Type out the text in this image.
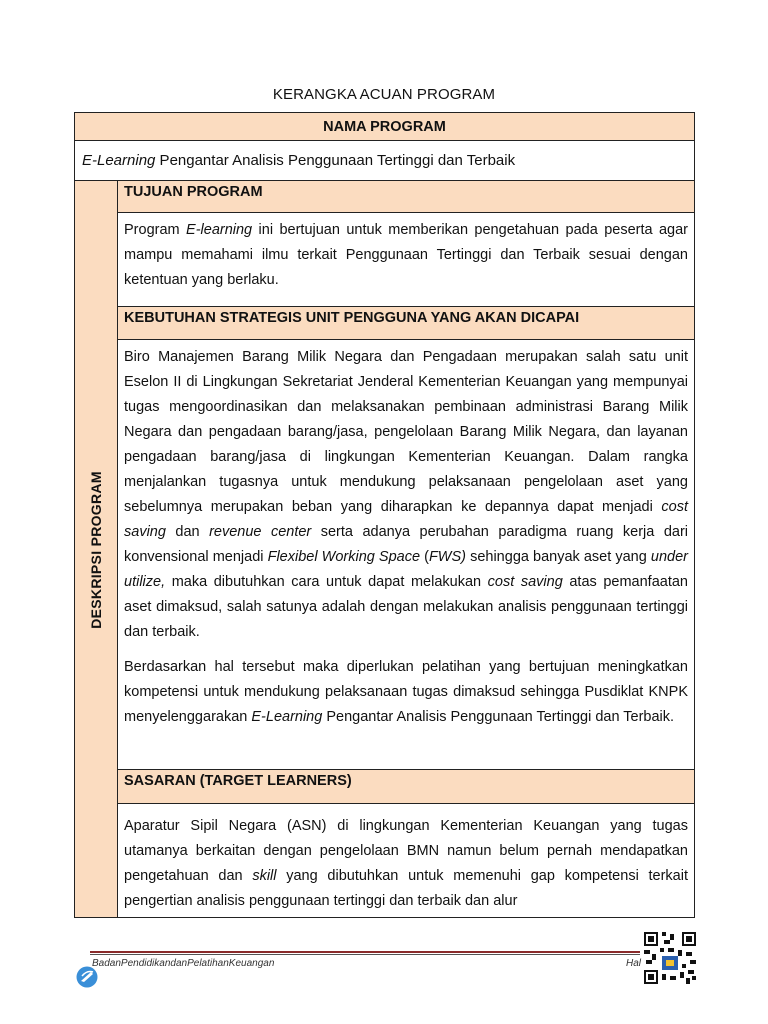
KERANGKA ACUAN PROGRAM
NAMA PROGRAM
E-Learning Pengantar Analisis Penggunaan Tertinggi dan Terbaik
DESKRIPSI PROGRAM
TUJUAN PROGRAM

Program E-learning ini bertujuan untuk memberikan pengetahuan pada peserta agar mampu memahami ilmu terkait Penggunaan Tertinggi dan Terbaik sesuai dengan ketentuan yang berlaku.

KEBUTUHAN STRATEGIS UNIT PENGGUNA YANG AKAN DICAPAI

Biro Manajemen Barang Milik Negara dan Pengadaan merupakan salah satu unit Eselon II di Lingkungan Sekretariat Jenderal Kementerian Keuangan yang mempunyai tugas mengoordinasikan dan melaksanakan pembinaan administrasi Barang Milik Negara dan pengadaan barang/jasa, pengelolaan Barang Milik Negara, dan layanan pengadaan barang/jasa di lingkungan Kementerian Keuangan. Dalam rangka menjalankan tugasnya untuk mendukung pelaksanaan pengelolaan aset yang sebelumnya merupakan beban yang diharapkan ke depannya dapat menjadi cost saving dan revenue center serta adanya perubahan paradigma ruang kerja dari konvensional menjadi Flexibel Working Space (FWS) sehingga banyak aset yang under utilize, maka dibutuhkan cara untuk dapat melakukan cost saving atas pemanfaatan aset dimaksud, salah satunya adalah dengan melakukan analisis penggunaan tertinggi dan terbaik.

Berdasarkan hal tersebut maka diperlukan pelatihan yang bertujuan meningkatkan kompetensi untuk mendukung pelaksanaan tugas dimaksud sehingga Pusdiklat KNPK menyelenggarakan E-Learning Pengantar Analisis Penggunaan Tertinggi dan Terbaik.

SASARAN (TARGET LEARNERS)

Aparatur Sipil Negara (ASN) di lingkungan Kementerian Keuangan yang tugas utamanya berkaitan dengan pengelolaan BMN namun belum pernah mendapatkan pengetahuan dan skill yang dibutuhkan untuk memenuhi gap kompetensi terkait pengertian analisis penggunaan tertinggi dan terbaik dan alur

BadanPendidikandanPelatihanKeuangan	Hal
